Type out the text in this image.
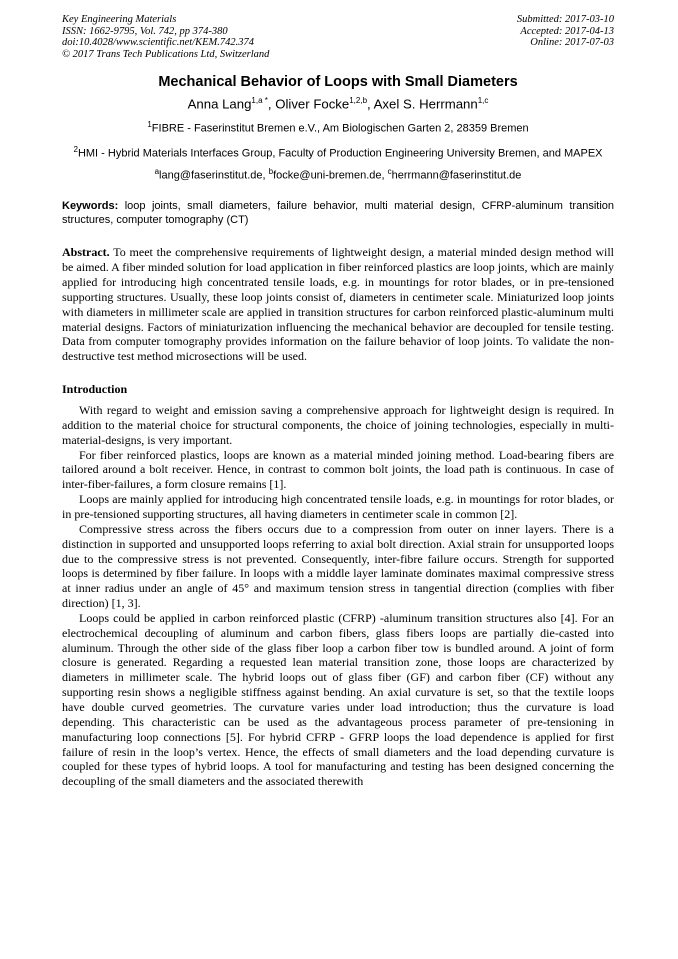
Key Engineering Materials
ISSN: 1662-9795, Vol. 742, pp 374-380
doi:10.4028/www.scientific.net/KEM.742.374
© 2017 Trans Tech Publications Ltd, Switzerland
Submitted: 2017-03-10
Accepted: 2017-04-13
Online: 2017-07-03
Mechanical Behavior of Loops with Small Diameters
Anna Lang$^{1,a *}$, Oliver Focke$^{1,2,b}$, Axel S. Herrmann$^{1,c}$
$^1$FIBRE - Faserinstitut Bremen e.V., Am Biologischen Garten 2, 28359 Bremen
$^2$HMI - Hybrid Materials Interfaces Group, Faculty of Production Engineering University Bremen, and MAPEX
$^a$lang@faserinstitut.de, $^b$focke@uni-bremen.de, $^c$herrmann@faserinstitut.de
Keywords: loop joints, small diameters, failure behavior, multi material design, CFRP-aluminum transition structures, computer tomography (CT)
Abstract. To meet the comprehensive requirements of lightweight design, a material minded design method will be aimed. A fiber minded solution for load application in fiber reinforced plastics are loop joints, which are mainly applied for introducing high concentrated tensile loads, e.g. in mountings for rotor blades, or in pre-tensioned supporting structures. Usually, these loop joints consist of, diameters in centimeter scale. Miniaturized loop joints with diameters in millimeter scale are applied in transition structures for carbon reinforced plastic-aluminum multi material designs. Factors of miniaturization influencing the mechanical behavior are decoupled for tensile testing. Data from computer tomography provides information on the failure behavior of loop joints. To validate the non-destructive test method microsections will be used.
Introduction

With regard to weight and emission saving a comprehensive approach for lightweight design is required. In addition to the material choice for structural components, the choice of joining technologies, especially in multi-material-designs, is very important.

For fiber reinforced plastics, loops are known as a material minded joining method. Load-bearing fibers are tailored around a bolt receiver. Hence, in contrast to common bolt joints, the load path is continuous. In case of inter-fiber-failures, a form closure remains [1].

Loops are mainly applied for introducing high concentrated tensile loads, e.g. in mountings for rotor blades, or in pre-tensioned supporting structures, all having diameters in centimeter scale in common [2].

Compressive stress across the fibers occurs due to a compression from outer on inner layers. There is a distinction in supported and unsupported loops referring to axial bolt direction. Axial strain for unsupported loops due to the compressive stress is not prevented. Consequently, inter-fibre failure occurs. Strength for supported loops is determined by fiber failure. In loops with a middle layer laminate dominates maximal compressive stress at inner radius under an angle of 45° and maximum tension stress in tangential direction (complies with fiber direction) [1, 3].

Loops could be applied in carbon reinforced plastic (CFRP) -aluminum transition structures also [4]. For an electrochemical decoupling of aluminum and carbon fibers, glass fibers loops are partially die-casted into aluminum. Through the other side of the glass fiber loop a carbon fiber tow is bundled around. A joint of form closure is generated. Regarding a requested lean material transition zone, those loops are characterized by diameters in millimeter scale. The hybrid loops out of glass fiber (GF) and carbon fiber (CF) without any supporting resin shows a negligible stiffness against bending. An axial curvature is set, so that the textile loops have double curved geometries. The curvature varies under load introduction; thus the curvature is load depending. This characteristic can be used as the advantageous process parameter of pre-tensioning in manufacturing loop connections [5]. For hybrid CFRP - GFRP loops the load dependence is applied for first failure of resin in the loop’s vertex. Hence, the effects of small diameters and the load depending curvature is coupled for these types of hybrid loops. A tool for manufacturing and testing has been designed concerning the decoupling of the small diameters and the associated therewith
